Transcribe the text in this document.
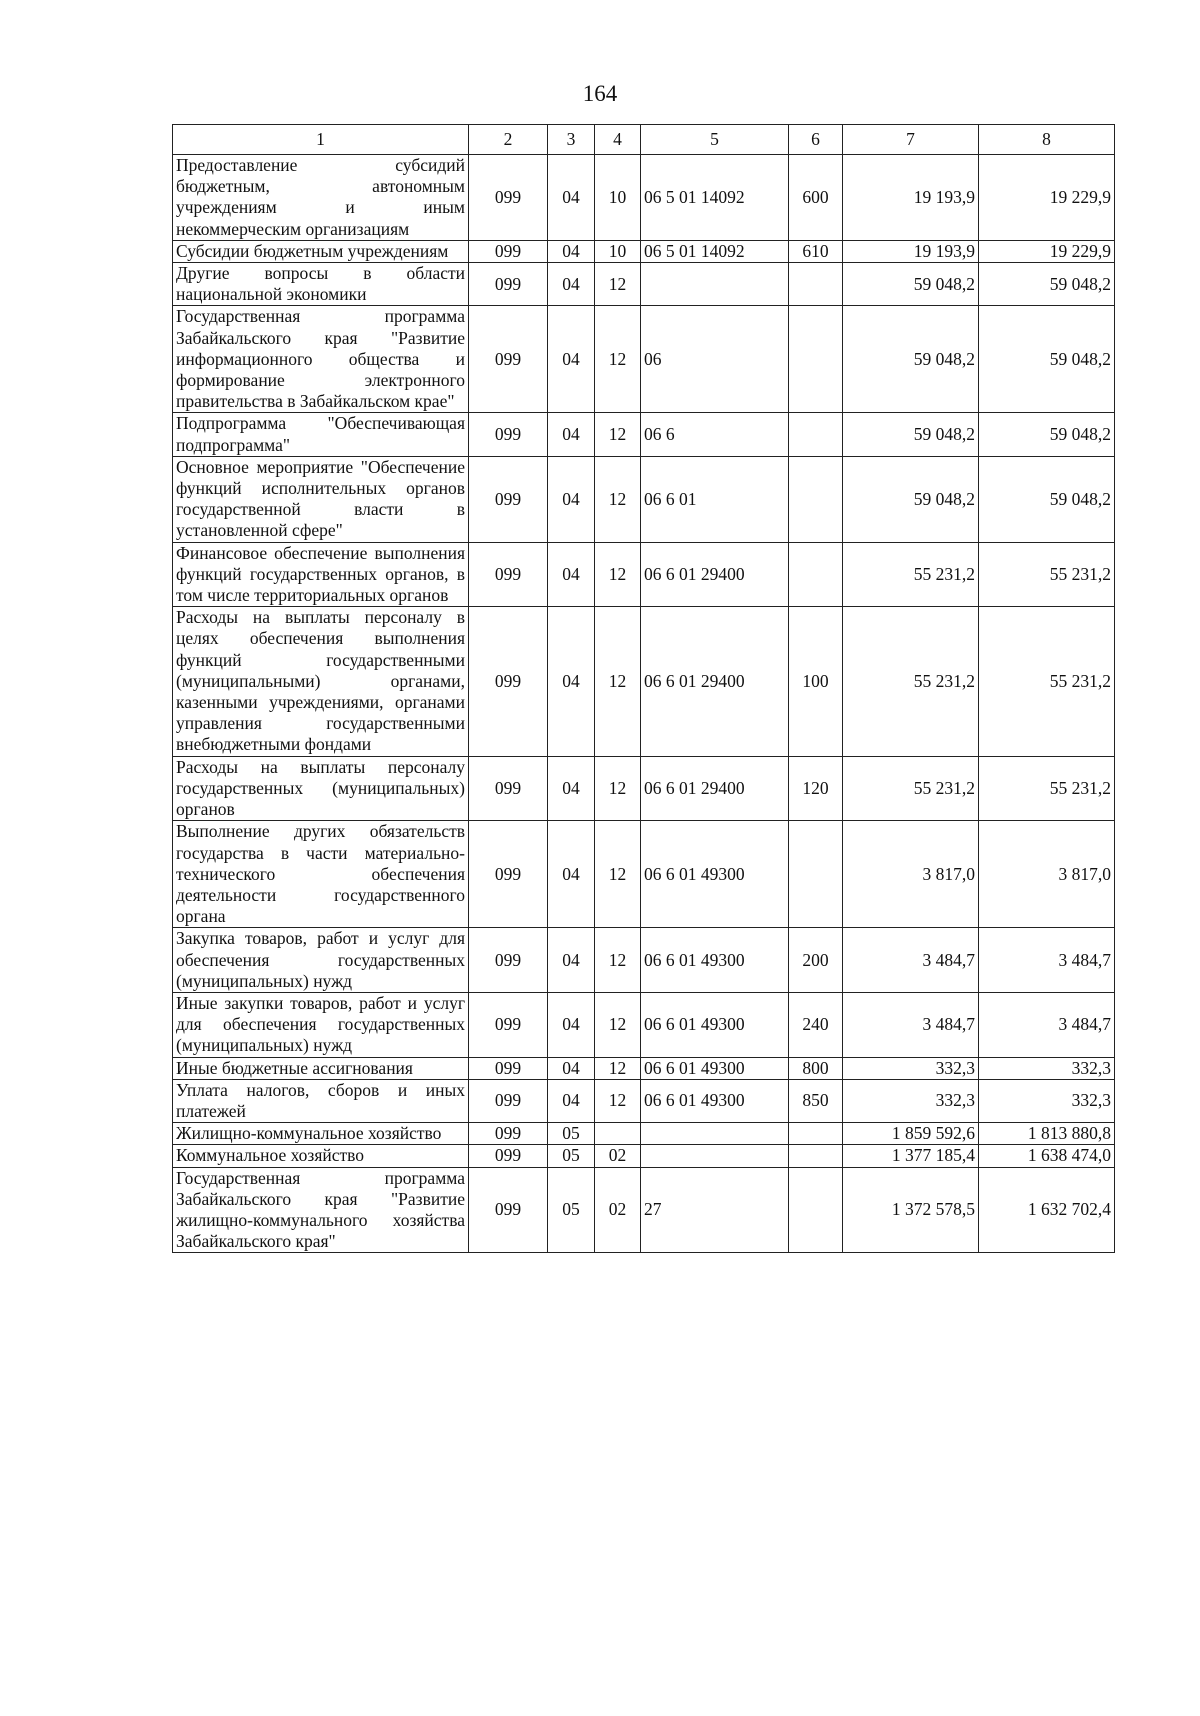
164
1	2	3	4	5	6	7	8
Предоставление субсидий бюджетным, автономным учреждениям и иным некоммерческим организациям	099	04	10	06 5 01 14092	600	19 193,9	19 229,9
Субсидии бюджетным учреждениям	099	04	10	06 5 01 14092	610	19 193,9	19 229,9
Другие вопросы в области национальной экономики	099	04	12			59 048,2	59 048,2
Государственная программа Забайкальского края "Развитие информационного общества и формирование электронного правительства в Забайкальском крае"	099	04	12	06		59 048,2	59 048,2
Подпрограмма "Обеспечивающая подпрограмма"	099	04	12	06 6		59 048,2	59 048,2
Основное мероприятие "Обеспечение функций исполнительных органов государственной власти в установленной сфере"	099	04	12	06 6 01		59 048,2	59 048,2
Финансовое обеспечение выполнения функций государственных органов, в том числе территориальных органов	099	04	12	06 6 01 29400		55 231,2	55 231,2
Расходы на выплаты персоналу в целях обеспечения выполнения функций государственными (муниципальными) органами, казенными учреждениями, органами управления государственными внебюджетными фондами	099	04	12	06 6 01 29400	100	55 231,2	55 231,2
Расходы на выплаты персоналу государственных (муниципальных) органов	099	04	12	06 6 01 29400	120	55 231,2	55 231,2
Выполнение других обязательств государства в части материально-технического обеспечения деятельности государственного органа	099	04	12	06 6 01 49300		3 817,0	3 817,0
Закупка товаров, работ и услуг для обеспечения государственных (муниципальных) нужд	099	04	12	06 6 01 49300	200	3 484,7	3 484,7
Иные закупки товаров, работ и услуг для обеспечения государственных (муниципальных) нужд	099	04	12	06 6 01 49300	240	3 484,7	3 484,7
Иные бюджетные ассигнования	099	04	12	06 6 01 49300	800	332,3	332,3
Уплата налогов, сборов и иных платежей	099	04	12	06 6 01 49300	850	332,3	332,3
Жилищно-коммунальное хозяйство	099	05				1 859 592,6	1 813 880,8
Коммунальное хозяйство	099	05	02			1 377 185,4	1 638 474,0
Государственная программа Забайкальского края "Развитие жилищно-коммунального хозяйства Забайкальского края"	099	05	02	27		1 372 578,5	1 632 702,4
